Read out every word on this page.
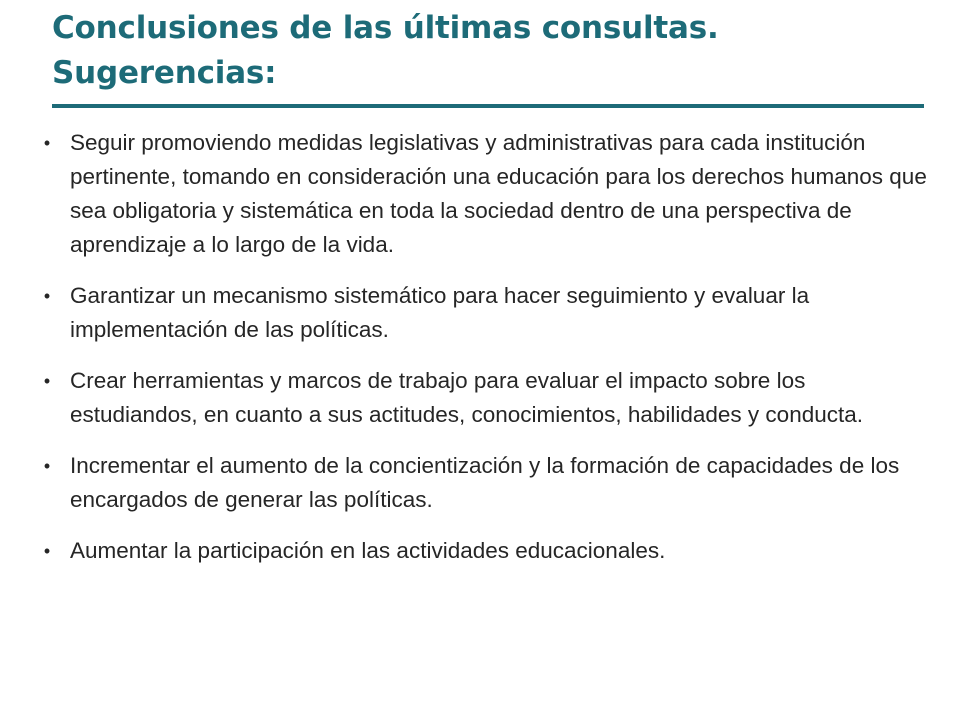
Conclusiones de las últimas consultas.
Sugerencias:
• Seguir promoviendo medidas legislativas y administrativas para cada institución pertinente, tomando en consideración una educación para los derechos humanos que sea obligatoria y sistemática en toda la sociedad dentro de una perspectiva de aprendizaje a lo largo de la vida.
• Garantizar un mecanismo sistemático para hacer seguimiento y evaluar la implementación de las políticas.
• Crear herramientas y marcos de trabajo para evaluar el impacto sobre los estudiandos, en cuanto a sus actitudes, conocimientos, habilidades y conducta.
• Incrementar el aumento de la concientización y la formación de capacidades de los encargados de generar las políticas.
• Aumentar la participación en las actividades educacionales.
